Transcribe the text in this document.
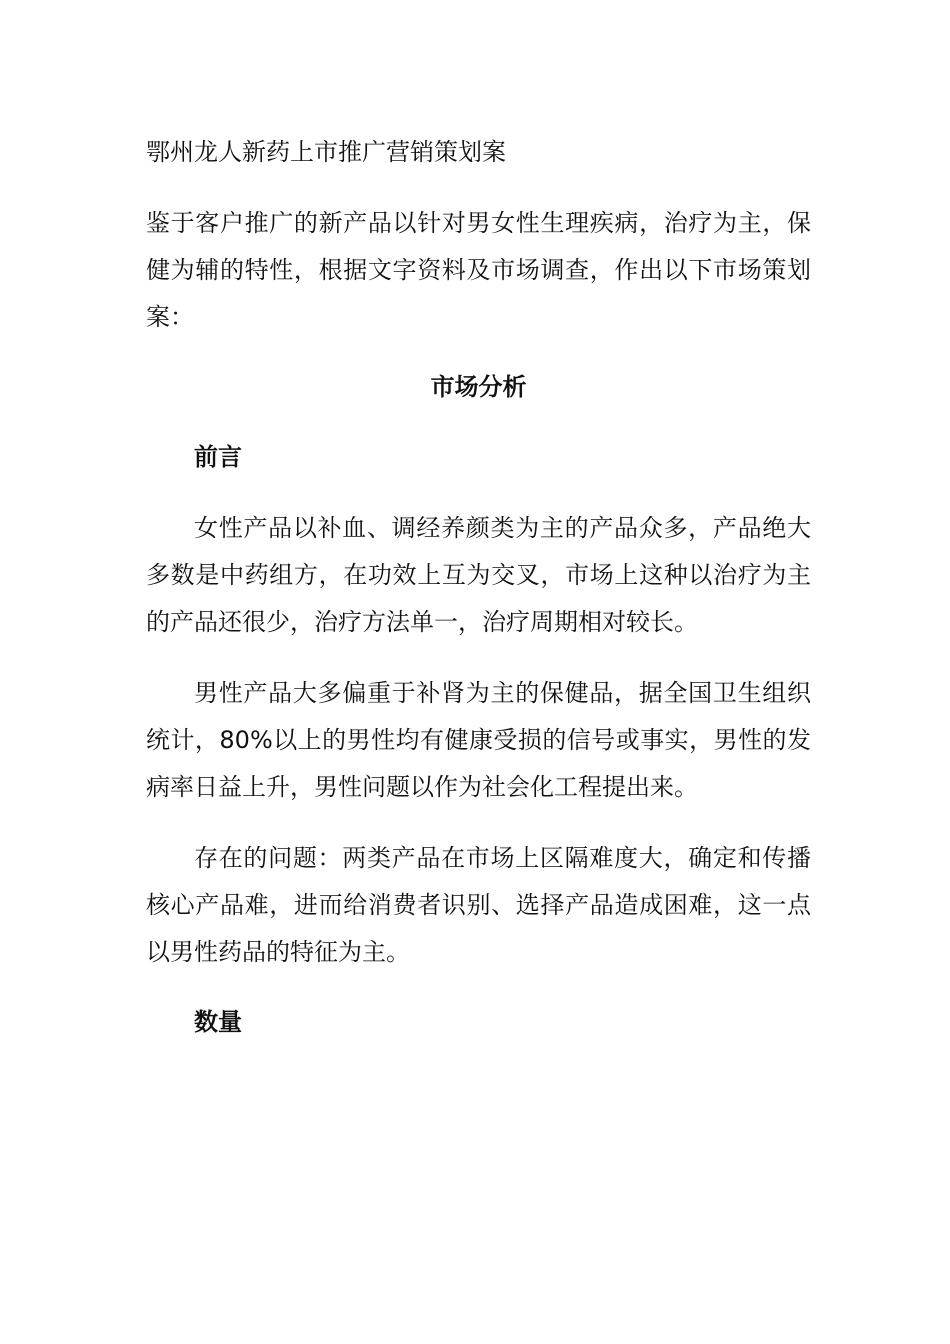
鄂州龙人新药上市推广营销策划案

鉴于客户推广的新产品以针对男女性生理疾病，治疗为主，保健为辅的特性，根据文字资料及市场调查，作出以下市场策划案：

市场分析
前言

女性产品以补血、调经养颜类为主的产品众多，产品绝大多数是中药组方，在功效上互为交叉，市场上这种以治疗为主的产品还很少，治疗方法单一，治疗周期相对较长。

男性产品大多偏重于补肾为主的保健品，据全国卫生组织统计，80%以上的男性均有健康受损的信号或事实，男性的发病率日益上升，男性问题以作为社会化工程提出来。

存在的问题：两类产品在市场上区隔难度大，确定和传播核心产品难，进而给消费者识别、选择产品造成困难，这一点以男性药品的特征为主。

数量
